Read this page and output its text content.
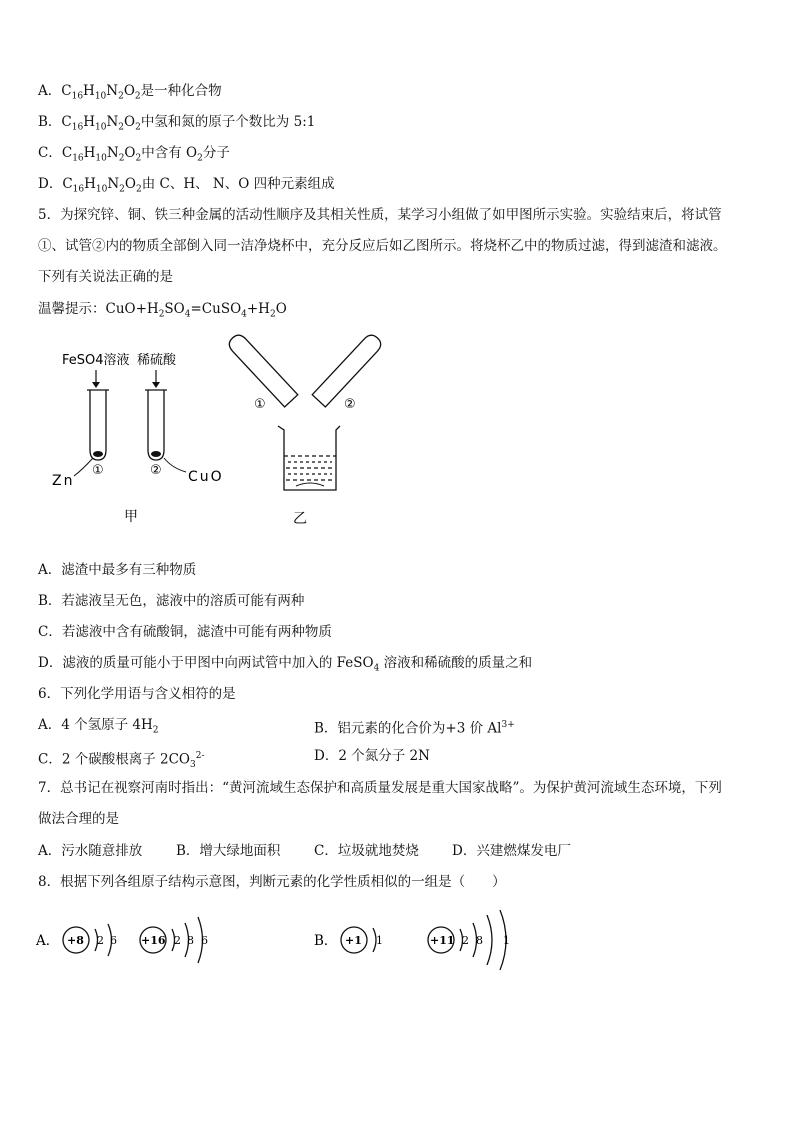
A．$C_{16}H_{10}N_2O_2$是一种化合物
B．$C_{16}H_{10}N_2O_2$中氢和氮的原子个数比为 5:1
C．$C_{16}H_{10}N_2O_2$中含有 $O_2$分子
D．$C_{16}H_{10}N_2O_2$由 C、H、 N、O 四种元素组成
5．为探究锌、铜、铁三种金属的活动性顺序及其相关性质，某学习小组做了如甲图所示实验。实验结束后，将试管
①、试管②内的物质全部倒入同一洁净烧杯中，充分反应后如乙图所示。将烧杯乙中的物质过滤，得到滤渣和滤液。
下列有关说法正确的是
温馨提示：$CuO+H_2SO_4=CuSO_4+H_2O$
FeSO4溶液 稀硫酸
①	②
Zn	CuO
甲
①	②
乙
A．滤渣中最多有三种物质
B．若滤液呈无色，滤液中的溶质可能有两种
C．若滤液中含有硫酸铜，滤渣中可能有两种物质
D．滤液的质量可能小于甲图中向两试管中加入的 FeSO$_4$ 溶液和稀硫酸的质量之和
6．下列化学用语与含义相符的是
A．4 个氢原子 $4H_2$	B．铝元素的化合价为+3 价 $Al^{3+}$
C．2 个碳酸根离子 $2CO_3^{2-}$	D．2 个氮分子 2N
7．总书记在视察河南时指出：“黄河流域生态保护和高质量发展是重大国家战略”。为保护黄河流域生态环境，下列
做法合理的是
A．污水随意排放	B．增大绿地面积 C．垃圾就地焚烧 D．兴建燃煤发电厂
8．根据下列各组原子结构示意图，判断元素的化学性质相似的一组是（　　）
A．	B．
+8 2 6 +16 2 8 6	+1 1	+11 2 8 1
